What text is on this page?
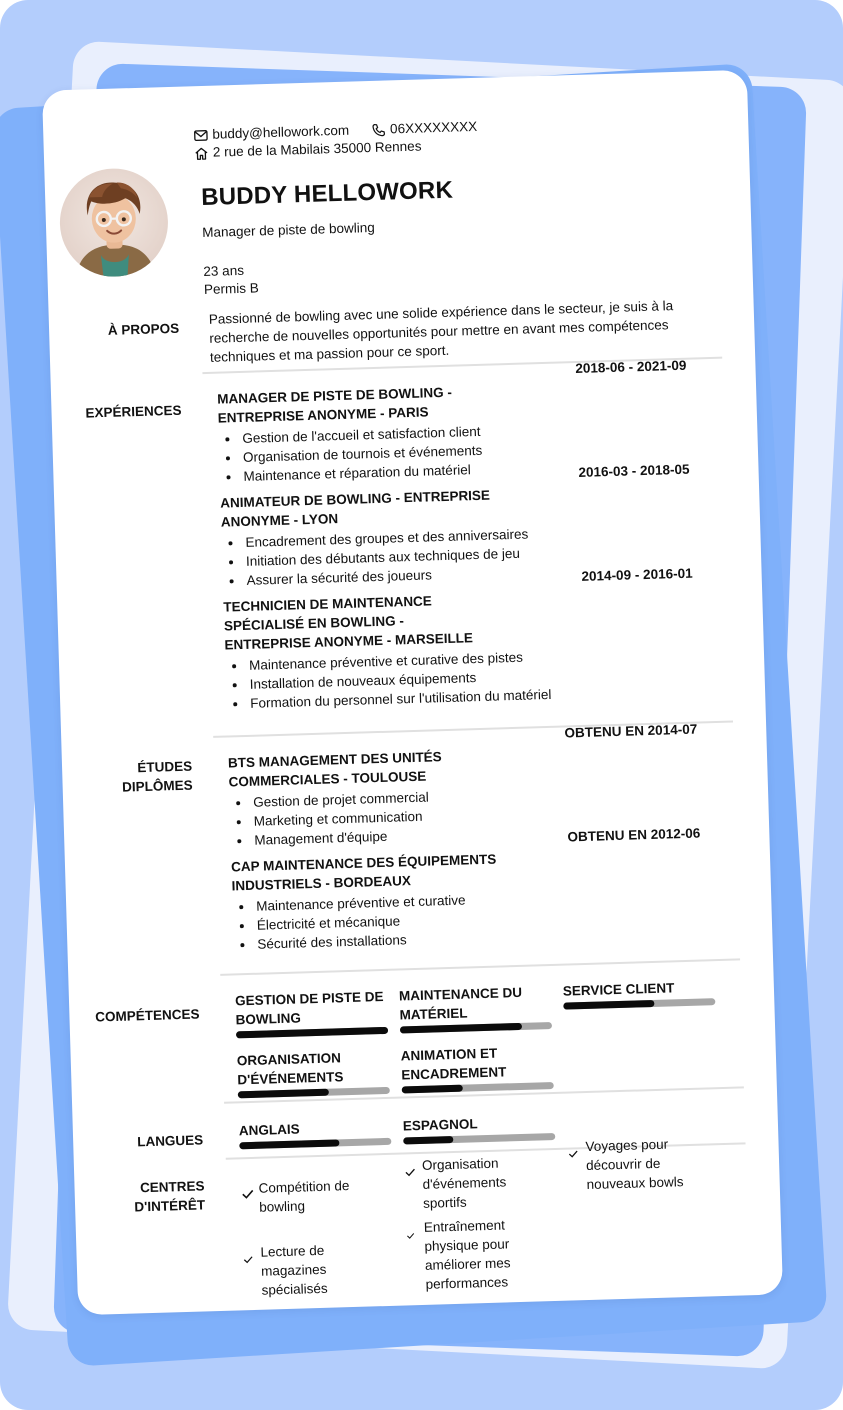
buddy@hellowork.com	06XXXXXXXX
2 rue de la Mabilais 35000 Rennes
BUDDY HELLOWORK
Manager de piste de bowling
23 ans
Permis B
À PROPOS
Passionné de bowling avec une solide expérience dans le secteur, je suis à la recherche de nouvelles opportunités pour mettre en avant mes compétences techniques et ma passion pour ce sport.
EXPÉRIENCES
2018-06 - 2021-09
MANAGER DE PISTE DE BOWLING - ENTREPRISE ANONYME - PARIS
• Gestion de l'accueil et satisfaction client
• Organisation de tournois et événements
• Maintenance et réparation du matériel	2016-03 - 2018-05
ANIMATEUR DE BOWLING - ENTREPRISE ANONYME - LYON
• Encadrement des groupes et des anniversaires
• Initiation des débutants aux techniques de jeu
• Assurer la sécurité des joueurs	2014-09 - 2016-01
TECHNICIEN DE MAINTENANCE SPÉCIALISÉ EN BOWLING - ENTREPRISE ANONYME - MARSEILLE
• Maintenance préventive et curative des pistes
• Installation de nouveaux équipements
• Formation du personnel sur l'utilisation du matériel
ÉTUDES
DIPLÔMES
OBTENU EN 2014-07
BTS MANAGEMENT DES UNITÉS COMMERCIALES - TOULOUSE
• Gestion de projet commercial
• Marketing et communication
• Management d'équipe	OBTENU EN 2012-06
CAP MAINTENANCE DES ÉQUIPEMENTS INDUSTRIELS - BORDEAUX
• Maintenance préventive et curative
• Électricité et mécanique
• Sécurité des installations
COMPÉTENCES
GESTION DE PISTE DE BOWLING
MAINTENANCE DU MATÉRIEL
SERVICE CLIENT
ORGANISATION D'ÉVÉNEMENTS
ANIMATION ET ENCADREMENT
LANGUES
ANGLAIS	ESPAGNOL
CENTRES
D'INTÉRÊT
Compétition de bowling
Organisation d'événements sportifs
Voyages pour découvrir de nouveaux bowls
Lecture de magazines spécialisés
Entraînement physique pour améliorer mes performances
